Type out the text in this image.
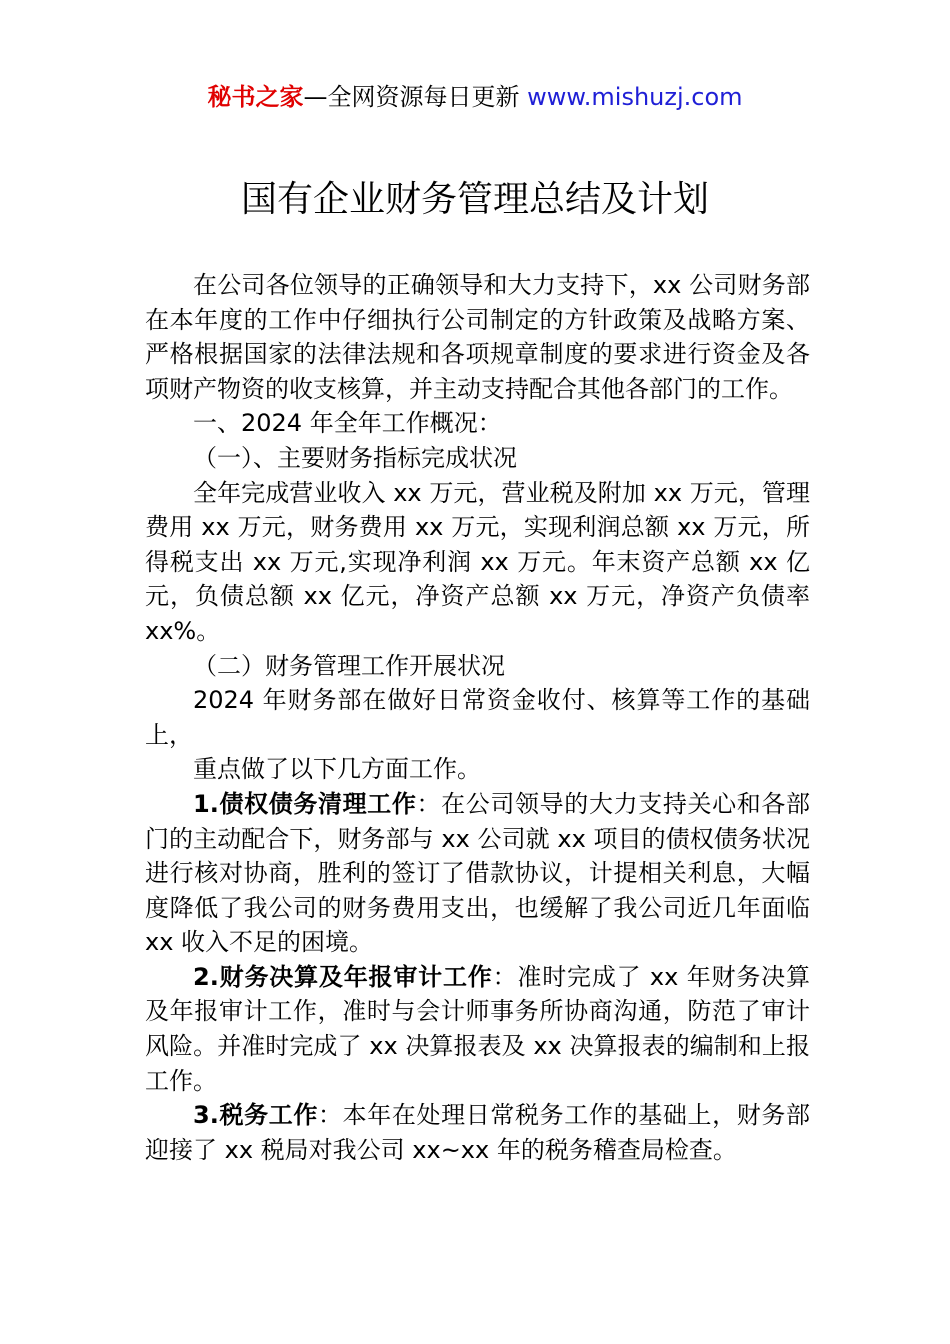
秘书之家—全网资源每日更新 www.mishuzj.com
国有企业财务管理总结及计划

在公司各位领导的正确领导和大力支持下，xx 公司财务部在本年度的工作中仔细执行公司制定的方针政策及战略方案、严格根据国家的法律法规和各项规章制度的要求进行资金及各项财产物资的收支核算，并主动支持配合其他各部门的工作。

一、2024 年全年工作概况：

（一）、主要财务指标完成状况

全年完成营业收入 xx 万元，营业税及附加 xx 万元，管理费用 xx 万元，财务费用 xx 万元，实现利润总额 xx 万元，所得税支出 xx 万元,实现净利润 xx 万元。年末资产总额 xx 亿元，负债总额 xx 亿元，净资产总额 xx 万元，净资产负债率 xx%。

（二）财务管理工作开展状况

2024 年财务部在做好日常资金收付、核算等工作的基础上，

重点做了以下几方面工作。

1.债权债务清理工作：在公司领导的大力支持关心和各部门的主动配合下，财务部与 xx 公司就 xx 项目的债权债务状况进行核对协商，胜利的签订了借款协议，计提相关利息，大幅度降低了我公司的财务费用支出，也缓解了我公司近几年面临 xx 收入不足的困境。

2.财务决算及年报审计工作：准时完成了 xx 年财务决算及年报审计工作，准时与会计师事务所协商沟通，防范了审计风险。并准时完成了 xx 决算报表及 xx 决算报表的编制和上报工作。

3.税务工作：本年在处理日常税务工作的基础上，财务部迎接了 xx 税局对我公司 xx~xx 年的税务稽查局检查。
